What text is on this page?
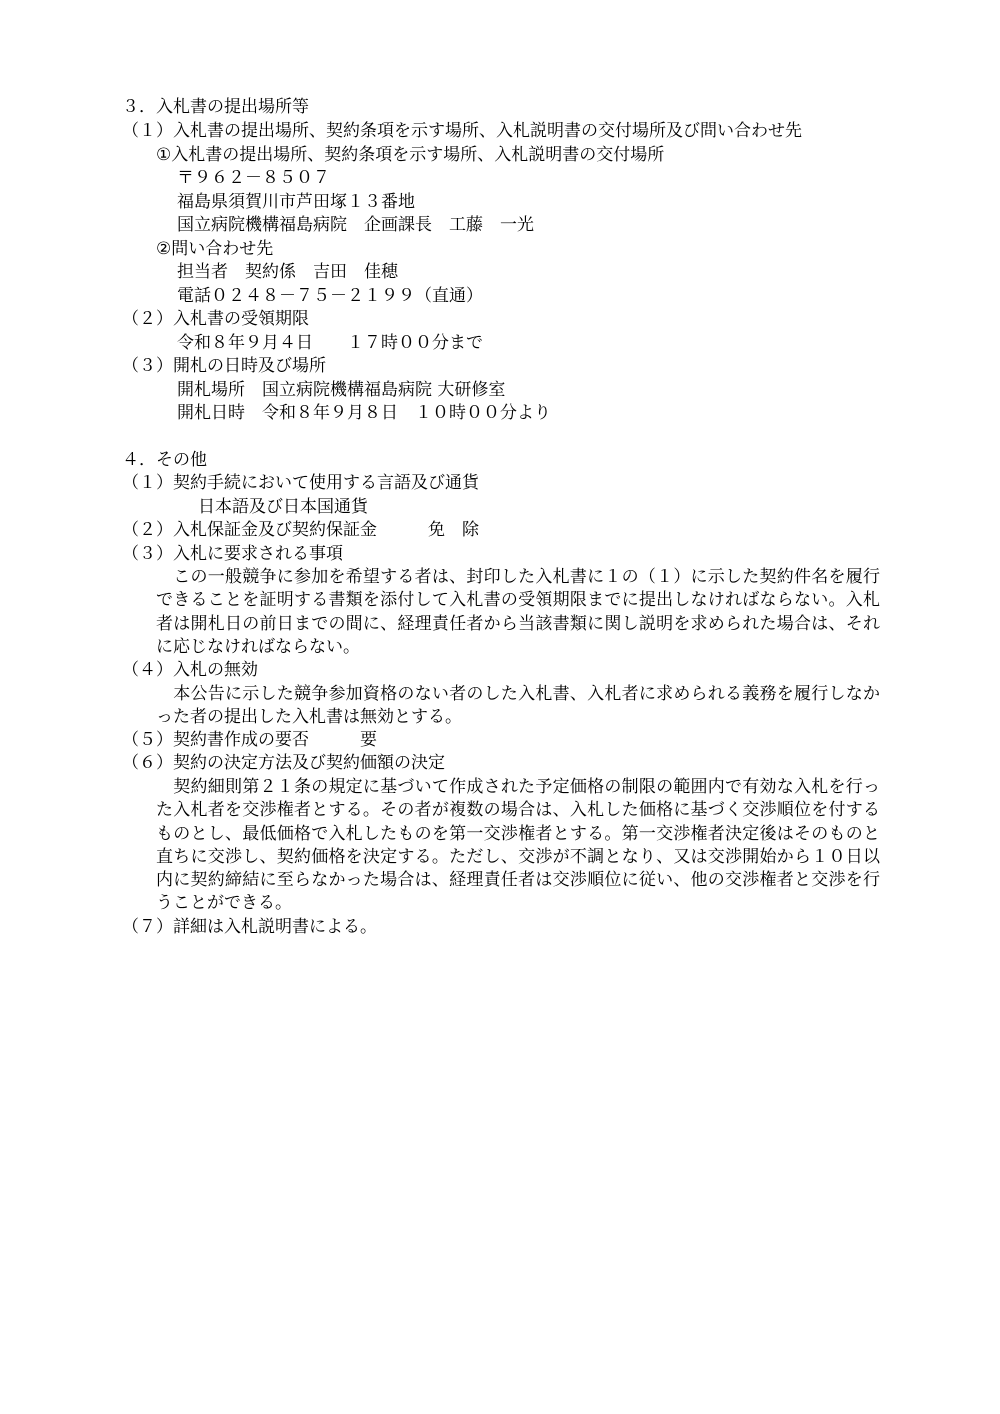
３．入札書の提出場所等
（１）入札書の提出場所、契約条項を示す場所、入札説明書の交付場所及び問い合わせ先
①入札書の提出場所、契約条項を示す場所、入札説明書の交付場所
〒９６２－８５０７
福島県須賀川市芦田塚１３番地
国立病院機構福島病院　企画課長　工藤　一光
②問い合わせ先
担当者　契約係　吉田　佳穂
電話０２４８－７５－２１９９（直通）
（２）入札書の受領期限
令和８年９月４日　　１７時００分まで
（３）開札の日時及び場所
開札場所　国立病院機構福島病院 大研修室
開札日時　令和８年９月８日　１０時００分より
４．その他
（１）契約手続において使用する言語及び通貨
日本語及び日本国通貨
（２）入札保証金及び契約保証金　　　免　除
（３）入札に要求される事項
　この一般競争に参加を希望する者は、封印した入札書に１の（１）に示した契約件名を履行できることを証明する書類を添付して入札書の受領期限までに提出しなければならない。入札者は開札日の前日までの間に、経理責任者から当該書類に関し説明を求められた場合は、それに応じなければならない。
（４）入札の無効
　本公告に示した競争参加資格のない者のした入札書、入札者に求められる義務を履行しなかった者の提出した入札書は無効とする。
（５）契約書作成の要否　　　要
（６）契約の決定方法及び契約価額の決定
　契約細則第２１条の規定に基づいて作成された予定価格の制限の範囲内で有効な入札を行った入札者を交渉権者とする。その者が複数の場合は、入札した価格に基づく交渉順位を付するものとし、最低価格で入札したものを第一交渉権者とする。第一交渉権者決定後はそのものと直ちに交渉し、契約価格を決定する。ただし、交渉が不調となり、又は交渉開始から１０日以内に契約締結に至らなかった場合は、経理責任者は交渉順位に従い、他の交渉権者と交渉を行うことができる。
（７）詳細は入札説明書による。
